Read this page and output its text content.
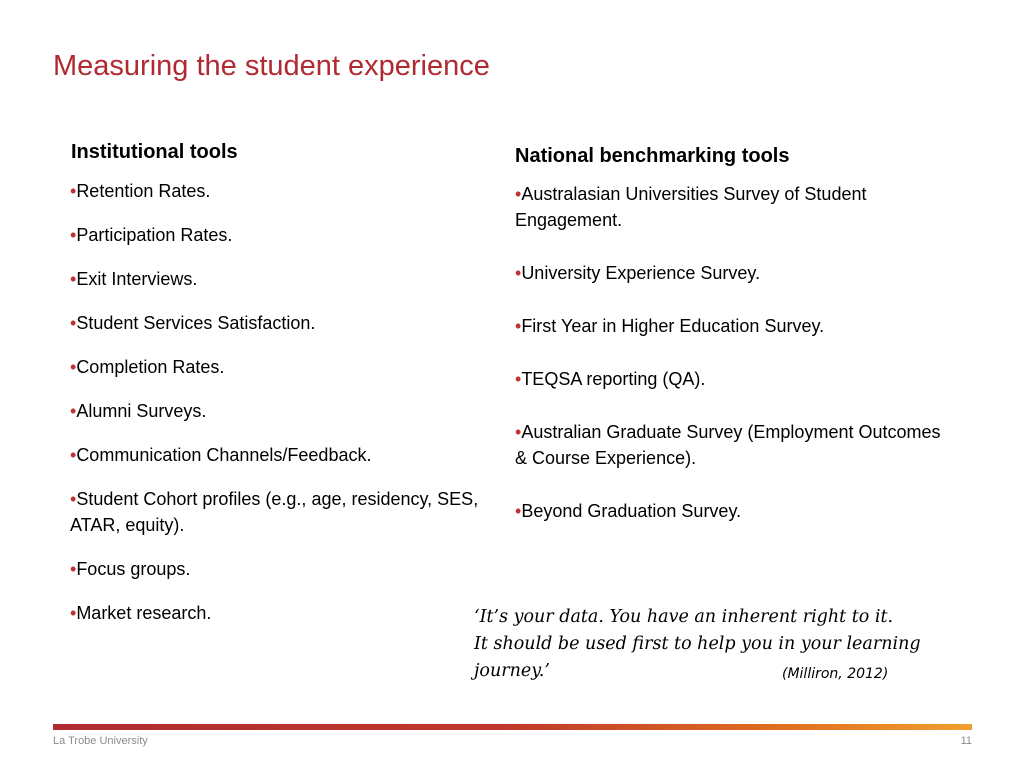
Measuring the student experience
Institutional tools
•Retention Rates.
•Participation Rates.
•Exit Interviews.
•Student Services Satisfaction.
•Completion Rates.
•Alumni Surveys.
•Communication Channels/Feedback.
•Student Cohort profiles (e.g., age, residency, SES, ATAR, equity).
•Focus groups.
•Market research.
National benchmarking tools
•Australasian Universities Survey of Student Engagement.
•University Experience Survey.
•First Year in Higher Education Survey.
•TEQSA reporting (QA).
•Australian Graduate Survey (Employment Outcomes & Course Experience).
•Beyond Graduation Survey.
‘It’s your data. You have an inherent right to it.
It should be used first to help you in your learning
journey.’	(Milliron, 2012)
La Trobe University	11
